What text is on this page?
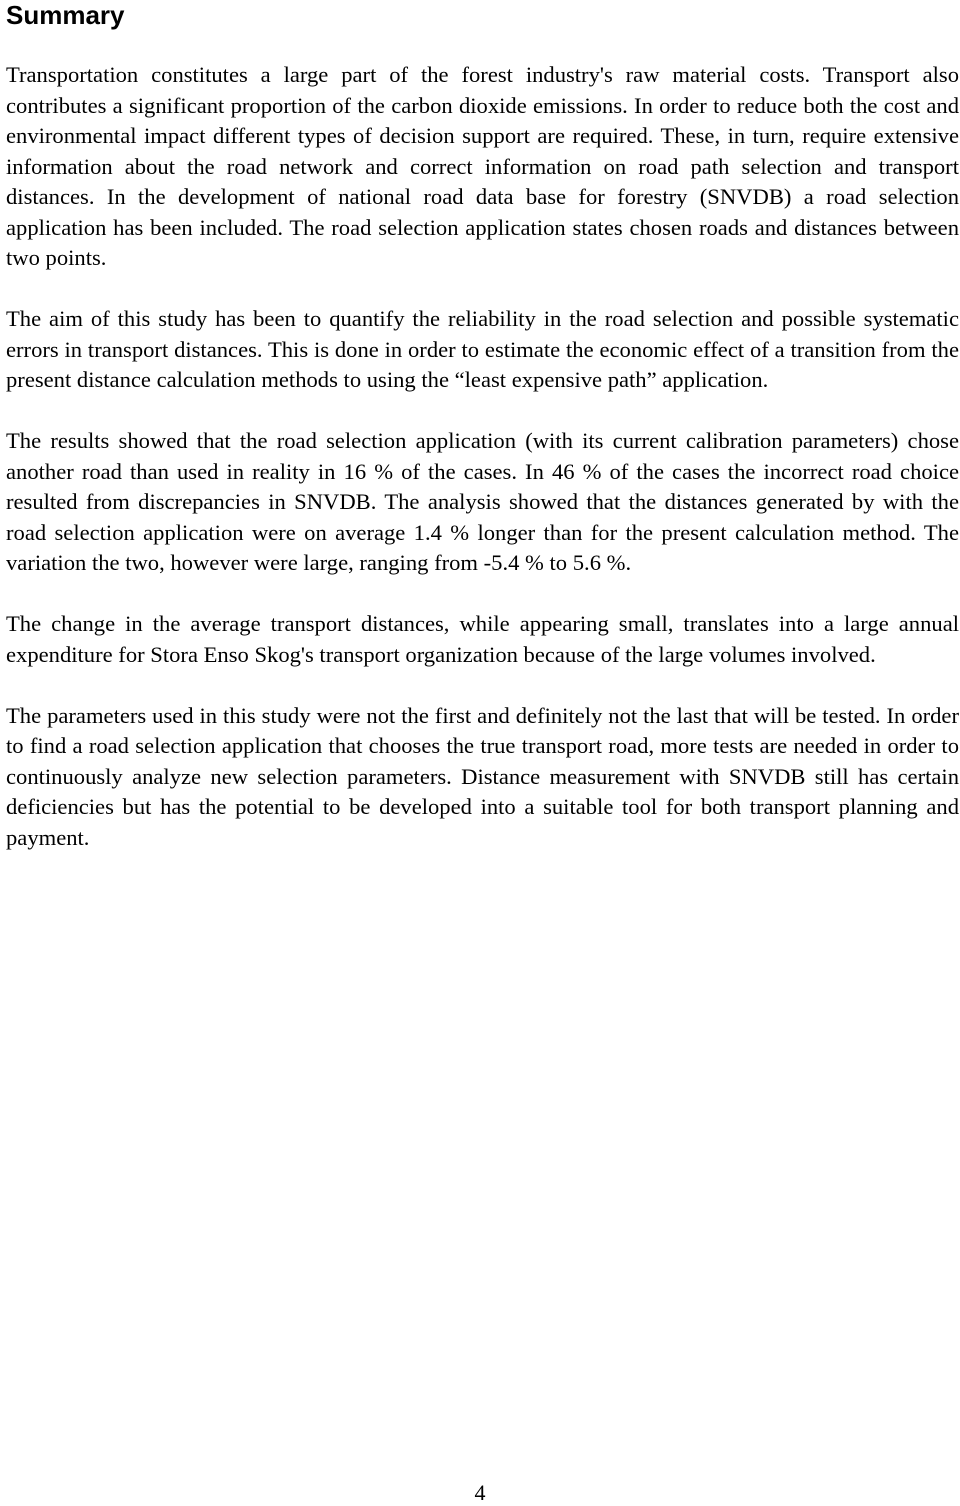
Summary

Transportation constitutes a large part of the forest industry's raw material costs. Transport also contributes a significant proportion of the carbon dioxide emissions. In order to reduce both the cost and environmental impact different types of decision support are required. These, in turn, require extensive information about the road network and correct information on road path selection and transport distances. In the development of national road data base for forestry (SNVDB) a road selection application has been included. The road selection application states chosen roads and distances between two points.

The aim of this study has been to quantify the reliability in the road selection and possible systematic errors in transport distances. This is done in order to estimate the economic effect of a transition from the present distance calculation methods to using the “least expensive path” application.

The results showed that the road selection application (with its current calibration parameters) chose another road than used in reality in 16 % of the cases. In 46 % of the cases the incorrect road choice resulted from discrepancies in SNVDB. The analysis showed that the distances generated by with the road selection application were on average 1.4 % longer than for the present calculation method. The variation the two, however were large, ranging from -5.4 % to 5.6 %.

The change in the average transport distances, while appearing small, translates into a large annual expenditure for Stora Enso Skog's transport organization because of the large volumes involved.

The parameters used in this study were not the first and definitely not the last that will be tested. In order to find a road selection application that chooses the true transport road, more tests are needed in order to continuously analyze new selection parameters. Distance measurement with SNVDB still has certain deficiencies but has the potential to be developed into a suitable tool for both transport planning and payment.

4
